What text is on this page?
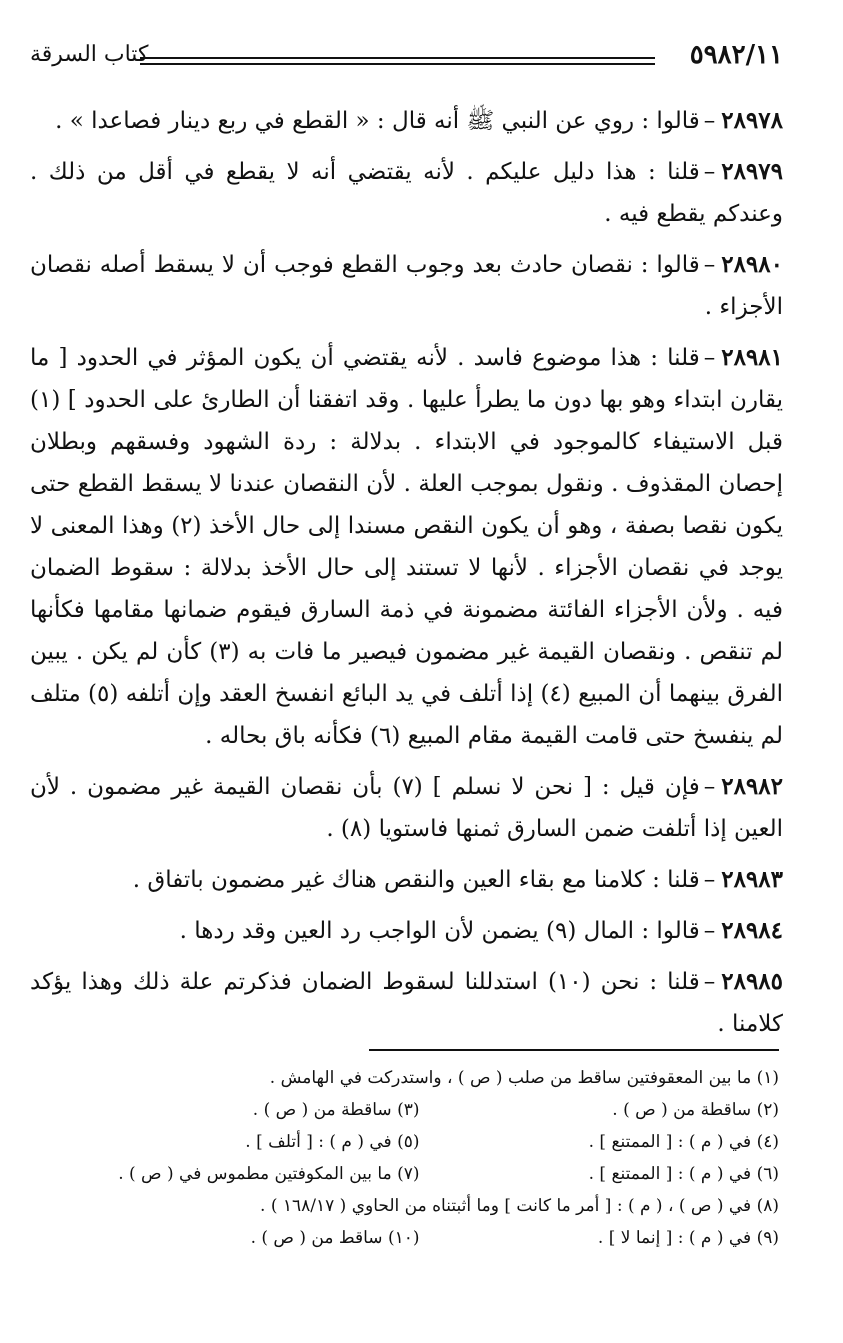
٥٩٨٢/١١
كتاب السرقة

٢٨٩٧٨–قالوا : روي عن النبي ﷺ أنه قال : « القطع في ربع دينار فصاعدا » .

٢٨٩٧٩–قلنا : هذا دليل عليكم . لأنه يقتضي أنه لا يقطع في أقل من ذلك . وعندكم يقطع فيه .

٢٨٩٨٠–قالوا : نقصان حادث بعد وجوب القطع فوجب أن لا يسقط أصله نقصان الأجزاء .

٢٨٩٨١–قلنا : هذا موضوع فاسد . لأنه يقتضي أن يكون المؤثر في الحدود [ ما يقارن ابتداء وهو بها دون ما يطرأ عليها . وقد اتفقنا أن الطارئ على الحدود ] (١) قبل الاستيفاء كالموجود في الابتداء . بدلالة : ردة الشهود وفسقهم وبطلان إحصان المقذوف . ونقول بموجب العلة . لأن النقصان عندنا لا يسقط القطع حتى يكون نقصا بصفة ، وهو أن يكون النقص مسندا إلى حال الأخذ (٢) وهذا المعنى لا يوجد في نقصان الأجزاء . لأنها لا تستند إلى حال الأخذ بدلالة : سقوط الضمان فيه . ولأن الأجزاء الفائتة مضمونة في ذمة السارق فيقوم ضمانها مقامها فكأنها لم تنقص . ونقصان القيمة غير مضمون فيصير ما فات به (٣) كأن لم يكن . يبين الفرق بينهما أن المبيع (٤) إذا أتلف في يد البائع انفسخ العقد وإن أتلفه (٥) متلف لم ينفسخ حتى قامت القيمة مقام المبيع (٦) فكأنه باق بحاله .

٢٨٩٨٢–فإن قيل : [ نحن لا نسلم ] (٧) بأن نقصان القيمة غير مضمون . لأن العين إذا أتلفت ضمن السارق ثمنها فاستويا (٨) .

٢٨٩٨٣–قلنا : كلامنا مع بقاء العين والنقص هناك غير مضمون باتفاق .

٢٨٩٨٤–قالوا : المال (٩) يضمن لأن الواجب رد العين وقد ردها .

٢٨٩٨٥–قلنا : نحن (١٠) استدللنا لسقوط الضمان فذكرتم علة ذلك وهذا يؤكد كلامنا .

(١) ما بين المعقوفتين ساقط من صلب ( ص ) ، واستدركت في الهامش .
(٢) ساقطة من ( ص ) .
(٣) ساقطة من ( ص ) .
(٤) في ( م ) : [ الممتنع ] .
(٥) في ( م ) : [ أتلف ] .
(٦) في ( م ) : [ الممتنع ] .
(٧) ما بين المكوفتين مطموس في ( ص ) .
(٨) في ( ص ) ، ( م ) : [ أمر ما كانت ] وما أثبتناه من الحاوي ( ١٦٨/١٧ ) .
(٩) في ( م ) : [ إنما لا ] .
(١٠) ساقط من ( ص ) .
